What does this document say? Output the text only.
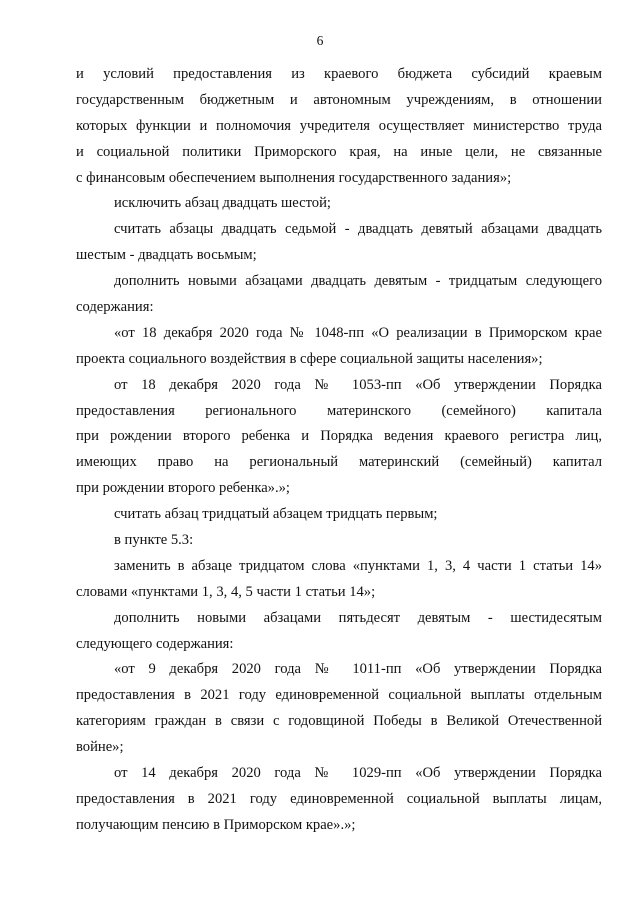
6
и условий предоставления из краевого бюджета субсидий краевым
государственным бюджетным и автономным учреждениям, в отношении
которых функции и полномочия учредителя осуществляет министерство труда
и социальной политики Приморского края, на иные цели, не связанные
с финансовым обеспечением выполнения государственного задания»;
исключить абзац двадцать шестой;
считать абзацы двадцать седьмой - двадцать девятый абзацами двадцать
шестым - двадцать восьмым;
дополнить новыми абзацами двадцать девятым - тридцатым следующего
содержания:
«от 18 декабря 2020 года № 1048-пп «О реализации в Приморском крае
проекта социального воздействия в сфере социальной защиты населения»;
от 18 декабря 2020 года № 1053-пп «Об утверждении Порядка
предоставления регионального материнского (семейного) капитала
при рождении второго ребенка и Порядка ведения краевого регистра лиц,
имеющих право на региональный материнский (семейный) капитал
при рождении второго ребенка».»;
считать абзац тридцатый абзацем тридцать первым;
в пункте 5.3:
заменить в абзаце тридцатом слова «пунктами 1, 3, 4 части 1 статьи 14»
словами «пунктами 1, 3, 4, 5 части 1 статьи 14»;
дополнить новыми абзацами пятьдесят девятым - шестидесятым
следующего содержания:
«от 9 декабря 2020 года № 1011-пп «Об утверждении Порядка
предоставления в 2021 году единовременной социальной выплаты отдельным
категориям граждан в связи с годовщиной Победы в Великой Отечественной
войне»;
от 14 декабря 2020 года № 1029-пп «Об утверждении Порядка
предоставления в 2021 году единовременной социальной выплаты лицам,
получающим пенсию в Приморском крае».»;
